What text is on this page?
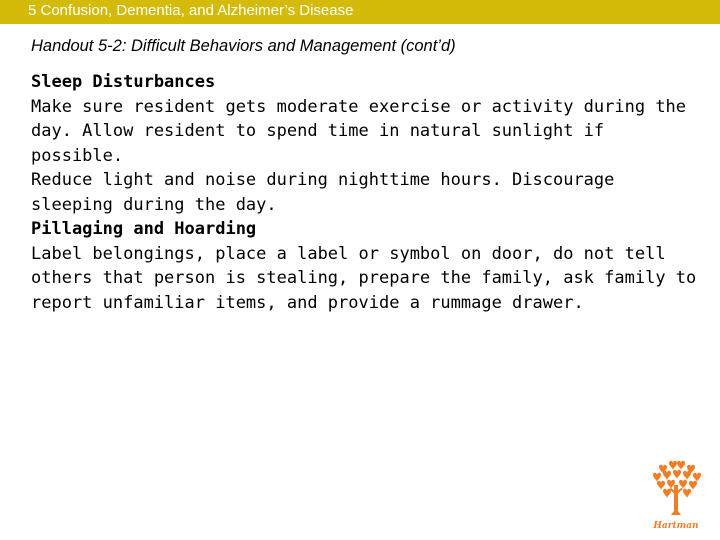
5 Confusion, Dementia, and Alzheimer’s Disease
Handout 5-2: Difficult Behaviors and Management (cont’d)
Sleep Disturbances
Make sure resident gets moderate exercise or activity during the
day. Allow resident to spend time in natural sunlight if possible.
Reduce light and noise during nighttime hours. Discourage
sleeping during the day.
Pillaging and Hoarding
Label belongings, place a label or symbol on door, do not tell
others that person is stealing, prepare the family, ask family to
report unfamiliar items, and provide a rummage drawer.
Hartman
